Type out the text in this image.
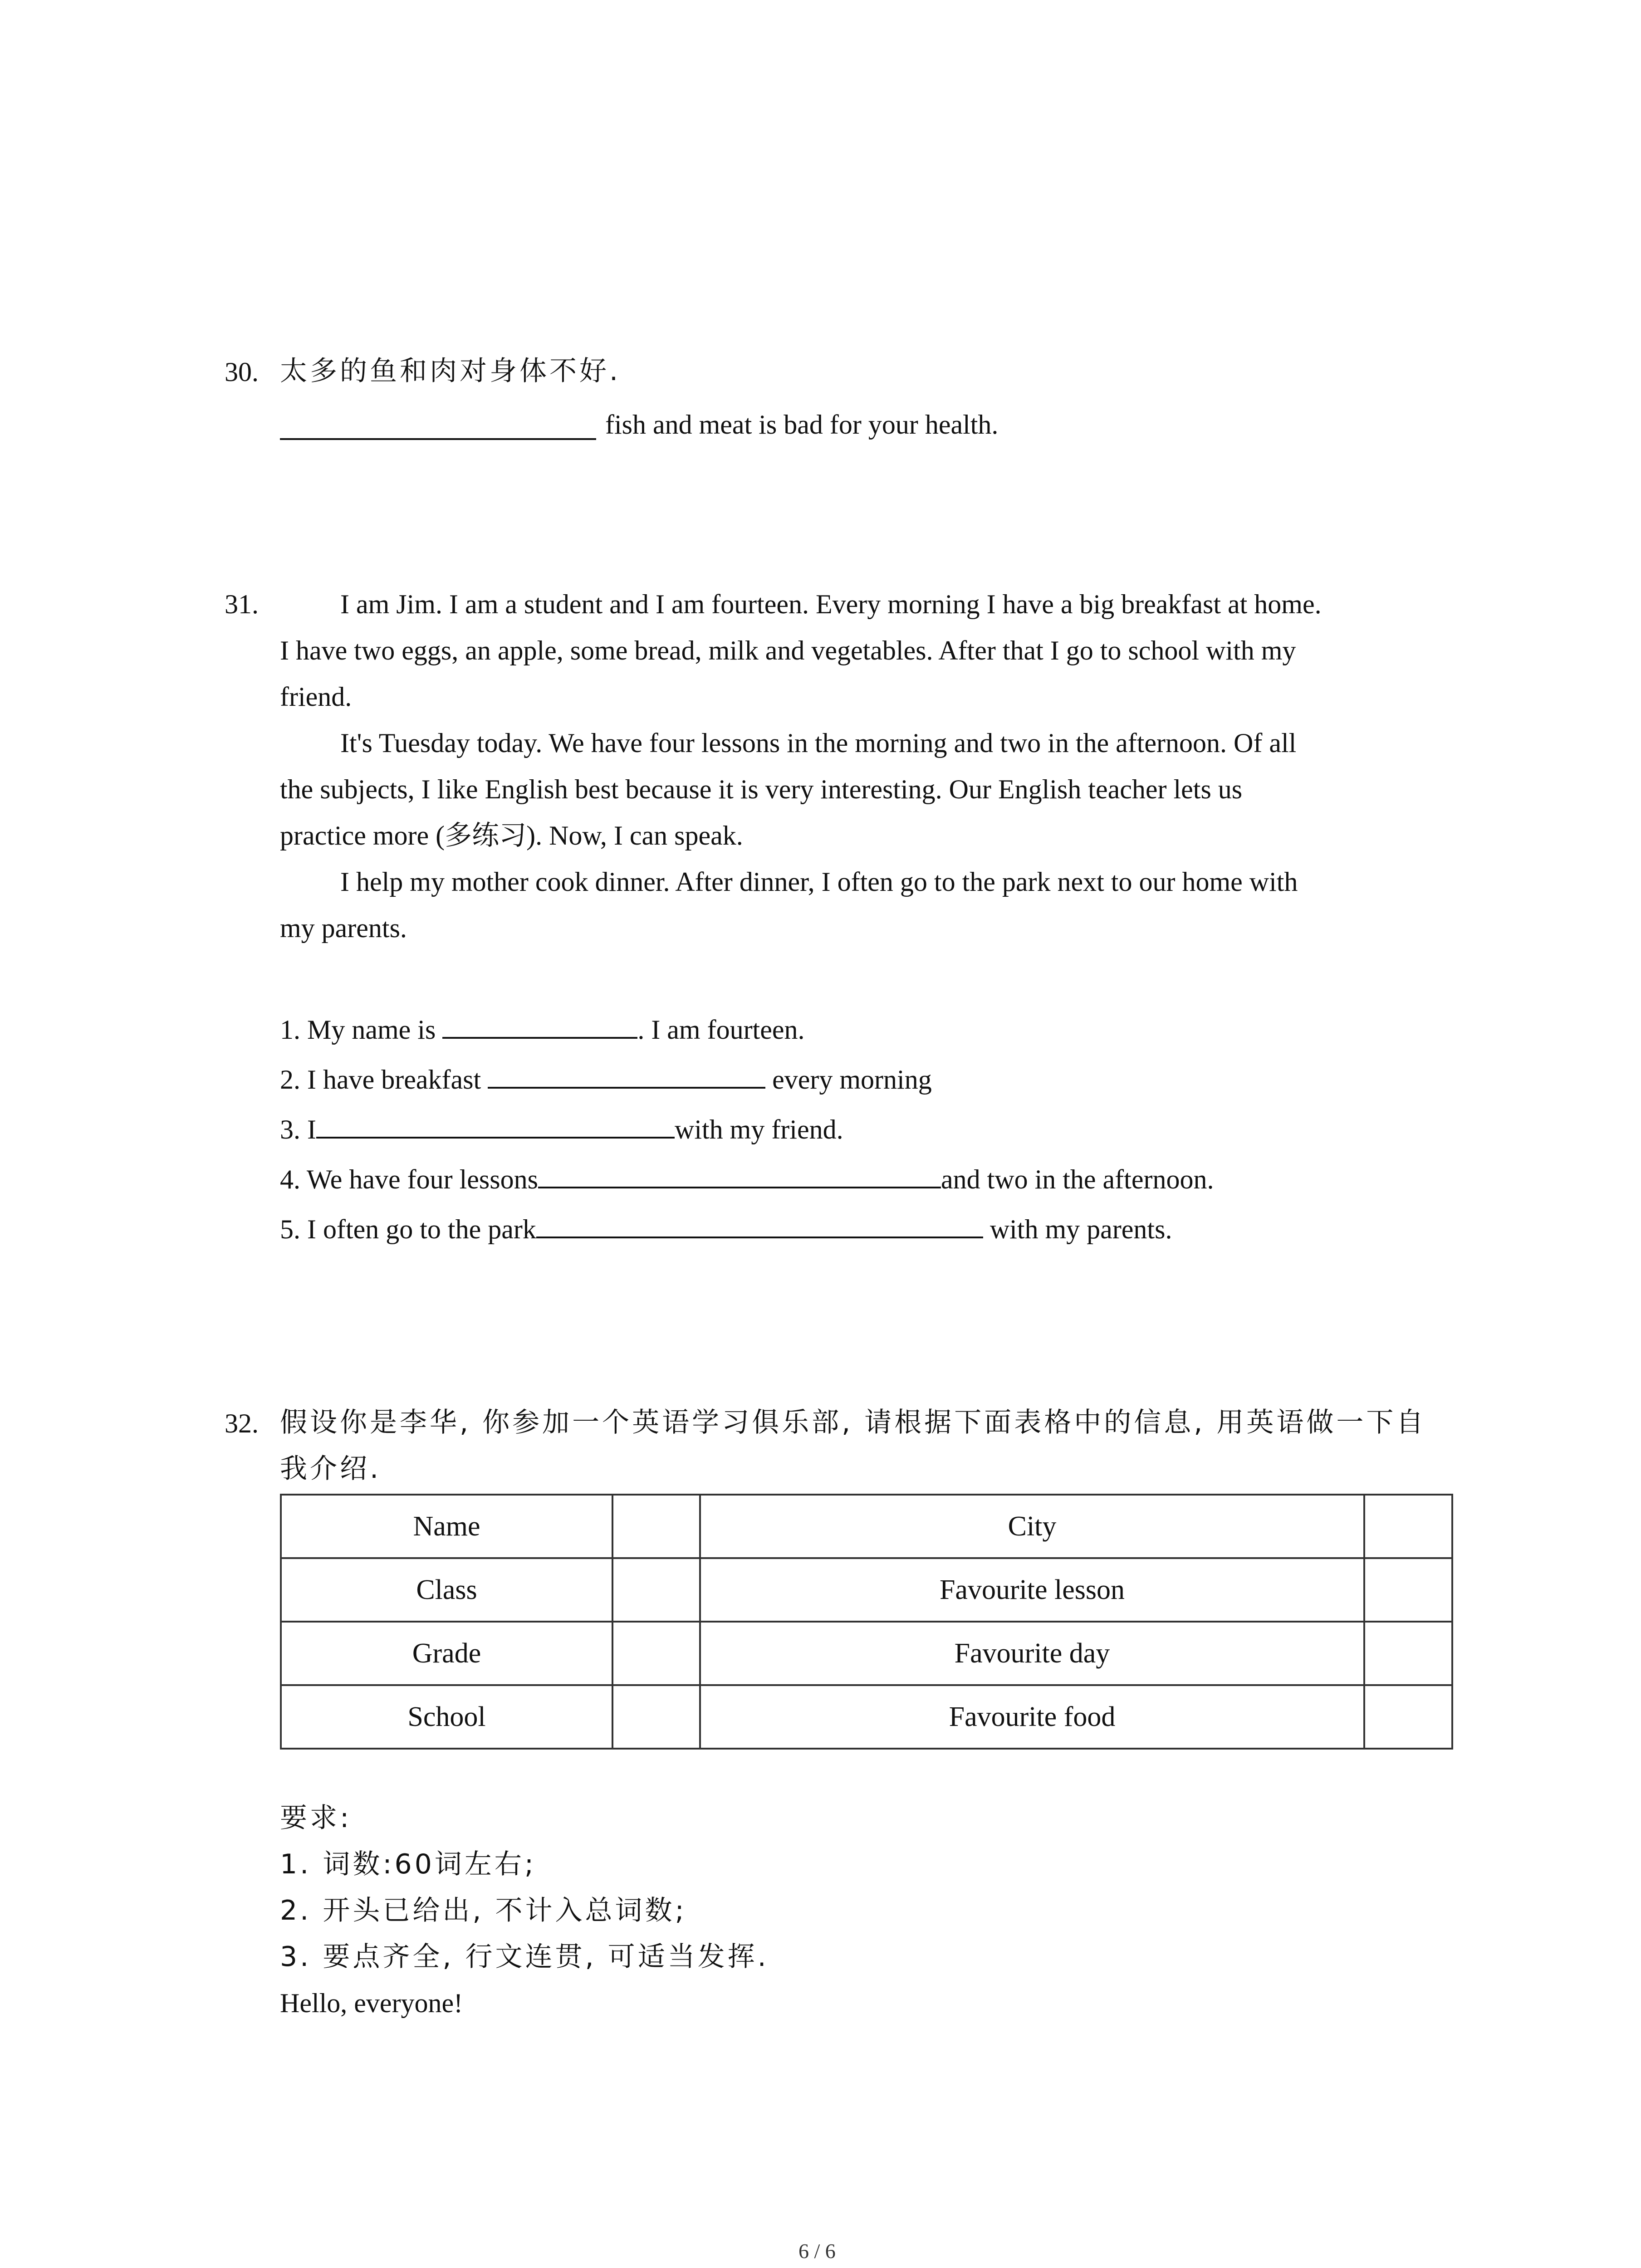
30. 太多的鱼和肉对身体不好.
fish and meat is bad for your health.
31.	I am Jim. I am a student and I am fourteen. Every morning I have a big breakfast at home.
I have two eggs, an apple, some bread, milk and vegetables. After that I go to school with my
friend.
It's Tuesday today. We have four lessons in the morning and two in the afternoon. Of all
the subjects, I like English best because it is very interesting. Our English teacher lets us
practice more (多练习). Now, I can speak.
I help my mother cook dinner. After dinner, I often go to the park next to our home with
my parents.
1. My name is	. I am fourteen.
2. I have breakfast	every morning
3. I	with my friend.
4. We have four lessons	and two in the afternoon.
5. I often go to the park	with my parents.
32. 假设你是李华, 你参加一个英语学习俱乐部, 请根据下面表格中的信息, 用英语做一下自
我介绍.
Name		City	
Class		Favourite lesson	
Grade		Favourite day	
School		Favourite food	
要求:
1. 词数:60词左右;
2. 开头已给出, 不计入总词数;
3. 要点齐全, 行文连贯, 可适当发挥.
Hello, everyone!
6 / 6
